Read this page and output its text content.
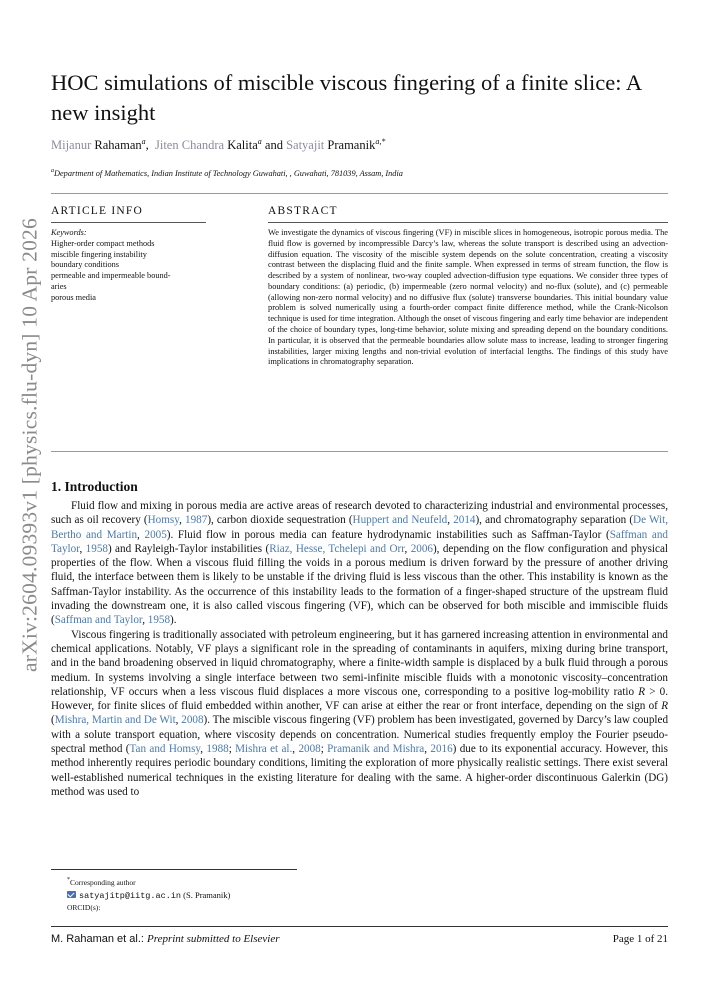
arXiv:2604.09393v1 [physics.flu-dyn] 10 Apr 2026
HOC simulations of miscible viscous fingering of a finite slice: A new insight
Mijanur Rahaman$^a$,  Jiten Chandra Kalita$^a$ and Satyajit Pramanik$^{a,*}$
$^a$Department of Mathematics, Indian Institute of Technology Guwahati, , Guwahati, 781039, Assam, India
ARTICLE INFO	ABSTRACT
Keywords:
Higher-order compact methods
miscible fingering instability
boundary conditions
permeable and impermeable bound-
aries
porous media
We investigate the dynamics of viscous fingering (VF) in miscible slices in homogeneous, isotropic porous media. The fluid flow is governed by incompressible Darcy’s law, whereas the solute transport is described using an advection-diffusion equation. The viscosity of the miscible system depends on the solute concentration, creating a viscosity contrast between the displacing fluid and the finite sample. When expressed in terms of stream function, the flow is described by a system of nonlinear, two-way coupled advection-diffusion type equations. We consider three types of boundary conditions: (a) periodic, (b) impermeable (zero normal velocity) and no-flux (solute), and (c) permeable (allowing non-zero normal velocity) and no diffusive flux (solute) transverse boundaries. This initial boundary value problem is solved numerically using a fourth-order compact finite difference method, while the Crank-Nicolson technique is used for time integration. Although the onset of viscous fingering and early time behavior are independent of the choice of boundary types, long-time behavior, solute mixing and spreading depend on the boundary conditions. In particular, it is observed that the permeable boundaries allow solute mass to increase, leading to stronger fingering instabilities, larger mixing lengths and non-trivial evolution of interfacial lengths. The findings of this study have implications in chromatography separation.
1. Introduction

Fluid flow and mixing in porous media are active areas of research devoted to characterizing industrial and environmental processes, such as oil recovery (Homsy, 1987), carbon dioxide sequestration (Huppert and Neufeld, 2014), and chromatography separation (De Wit, Bertho and Martin, 2005). Fluid flow in porous media can feature hydrodynamic instabilities such as Saffman-Taylor (Saffman and Taylor, 1958) and Rayleigh-Taylor instabilities (Riaz, Hesse, Tchelepi and Orr, 2006), depending on the flow configuration and physical properties of the flow. When a viscous fluid filling the voids in a porous medium is driven forward by the pressure of another driving fluid, the interface between them is likely to be unstable if the driving fluid is less viscous than the other. This instability is known as the Saffman-Taylor instability. As the occurrence of this instability leads to the formation of a finger-shaped structure of the upstream fluid invading the downstream one, it is also called viscous fingering (VF), which can be observed for both miscible and immiscible fluids (Saffman and Taylor, 1958).

Viscous fingering is traditionally associated with petroleum engineering, but it has garnered increasing attention in environmental and chemical applications. Notably, VF plays a significant role in the spreading of contaminants in aquifers, mixing during brine transport, and in the band broadening observed in liquid chromatography, where a finite-width sample is displaced by a bulk fluid through a porous medium. In systems involving a single interface between two semi-infinite miscible fluids with a monotonic viscosity–concentration relationship, VF occurs when a less viscous fluid displaces a more viscous one, corresponding to a positive log-mobility ratio R > 0. However, for finite slices of fluid embedded within another, VF can arise at either the rear or front interface, depending on the sign of R (Mishra, Martin and De Wit, 2008). The miscible viscous fingering (VF) problem has been investigated, governed by Darcy’s law coupled with a solute transport equation, where viscosity depends on concentration. Numerical studies frequently employ the Fourier pseudo-spectral method (Tan and Homsy, 1988; Mishra et al., 2008; Pramanik and Mishra, 2016) due to its exponential accuracy. However, this method inherently requires periodic boundary conditions, limiting the exploration of more physically realistic settings. There exist several well-established numerical techniques in the existing literature for dealing with the same. A higher-order discontinuous Galerkin (DG) method was used to

*Corresponding author
satyajitp@iitg.ac.in (S. Pramanik)
ORCID(s):
M. Rahaman et al.: Preprint submitted to Elsevier	Page 1 of 21
